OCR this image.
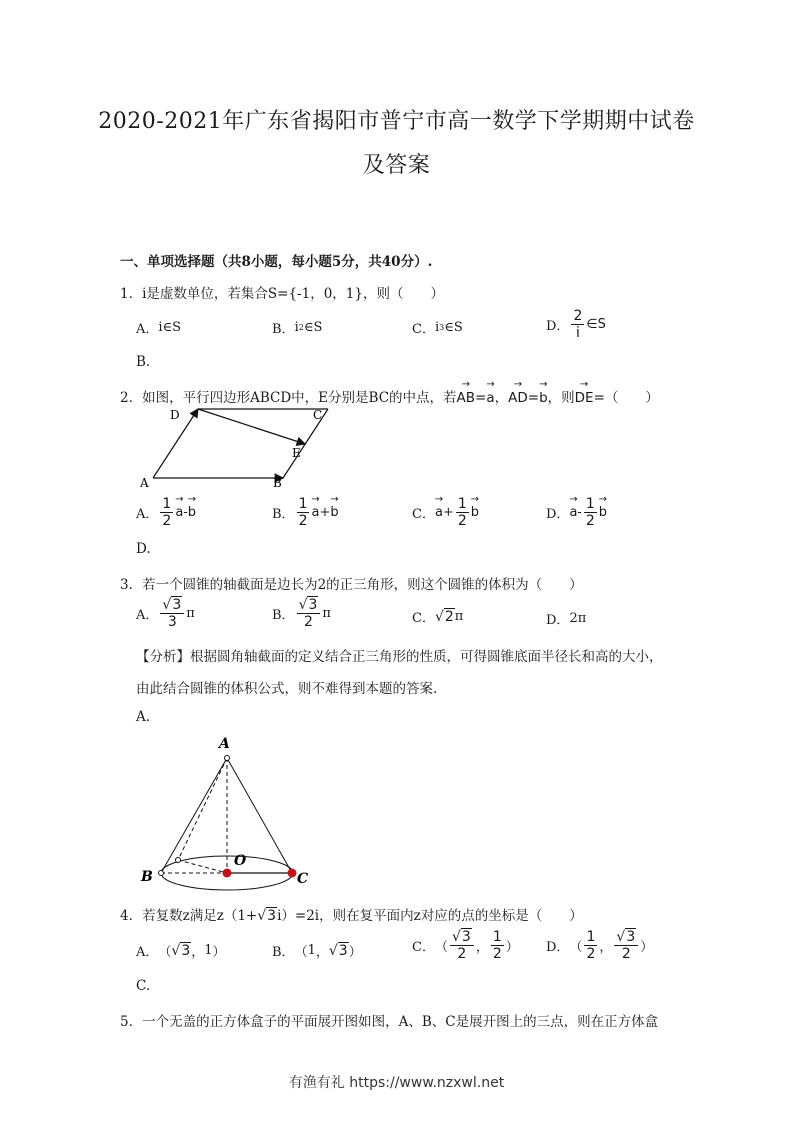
2020-2021年广东省揭阳市普宁市高一数学下学期期中试卷
及答案
一、单项选择题（共8小题，每小题5分，共40分）.
1．i是虚数单位，若集合S={-1，0，1}，则（　　）
A． i∈S	B． i 2 ∈S	C． i 3 ∈S	D． $\frac{2}{i}$ ∈S
B.
2．如图，平行四边形ABCD中，E分别是BC的中点，若→ AB=→ a，→ AD=→ b，则→ DE=（　　）
D	C
E
A	B
A． $\frac{1}{2} \to a$ - → b	B． $\frac{1}{2} \to a$ + → b	C． → $a + \frac{1}{2} \to b$	D． → $a - \frac{1}{2} \to b$
D.
3．若一个圆锥的轴截面是边长为2的正三角形，则这个圆锥的体积为（　　）
A． $\frac{√3}{3}$ π	B． $\frac{√3}{2}$ π	C． √2 π	D． 2π
【分析】根据圆角轴截面的定义结合正三角形的性质，可得圆锥底面半径长和高的大小，
由此结合圆锥的体积公式，则不难得到本题的答案.
A.
A
B
O
C
4．若复数z满足z（1+√3i）=2i，则在复平面内z对应的点的坐标是（　　）
A． （ √3 ， 1 ）	B． （ 1 ， √3 ）	C． （ $\frac{√3}{2}$ ， $\frac{1}{2}$ ） D． （ $\frac{1}{2}$ ， $\frac{√3}{2}$ ）
C.
5．一个无盖的正方体盒子的平面展开图如图，A、B、C是展开图上的三点，则在正方体盒
有渔有礼 https://www.nzxwl.net
